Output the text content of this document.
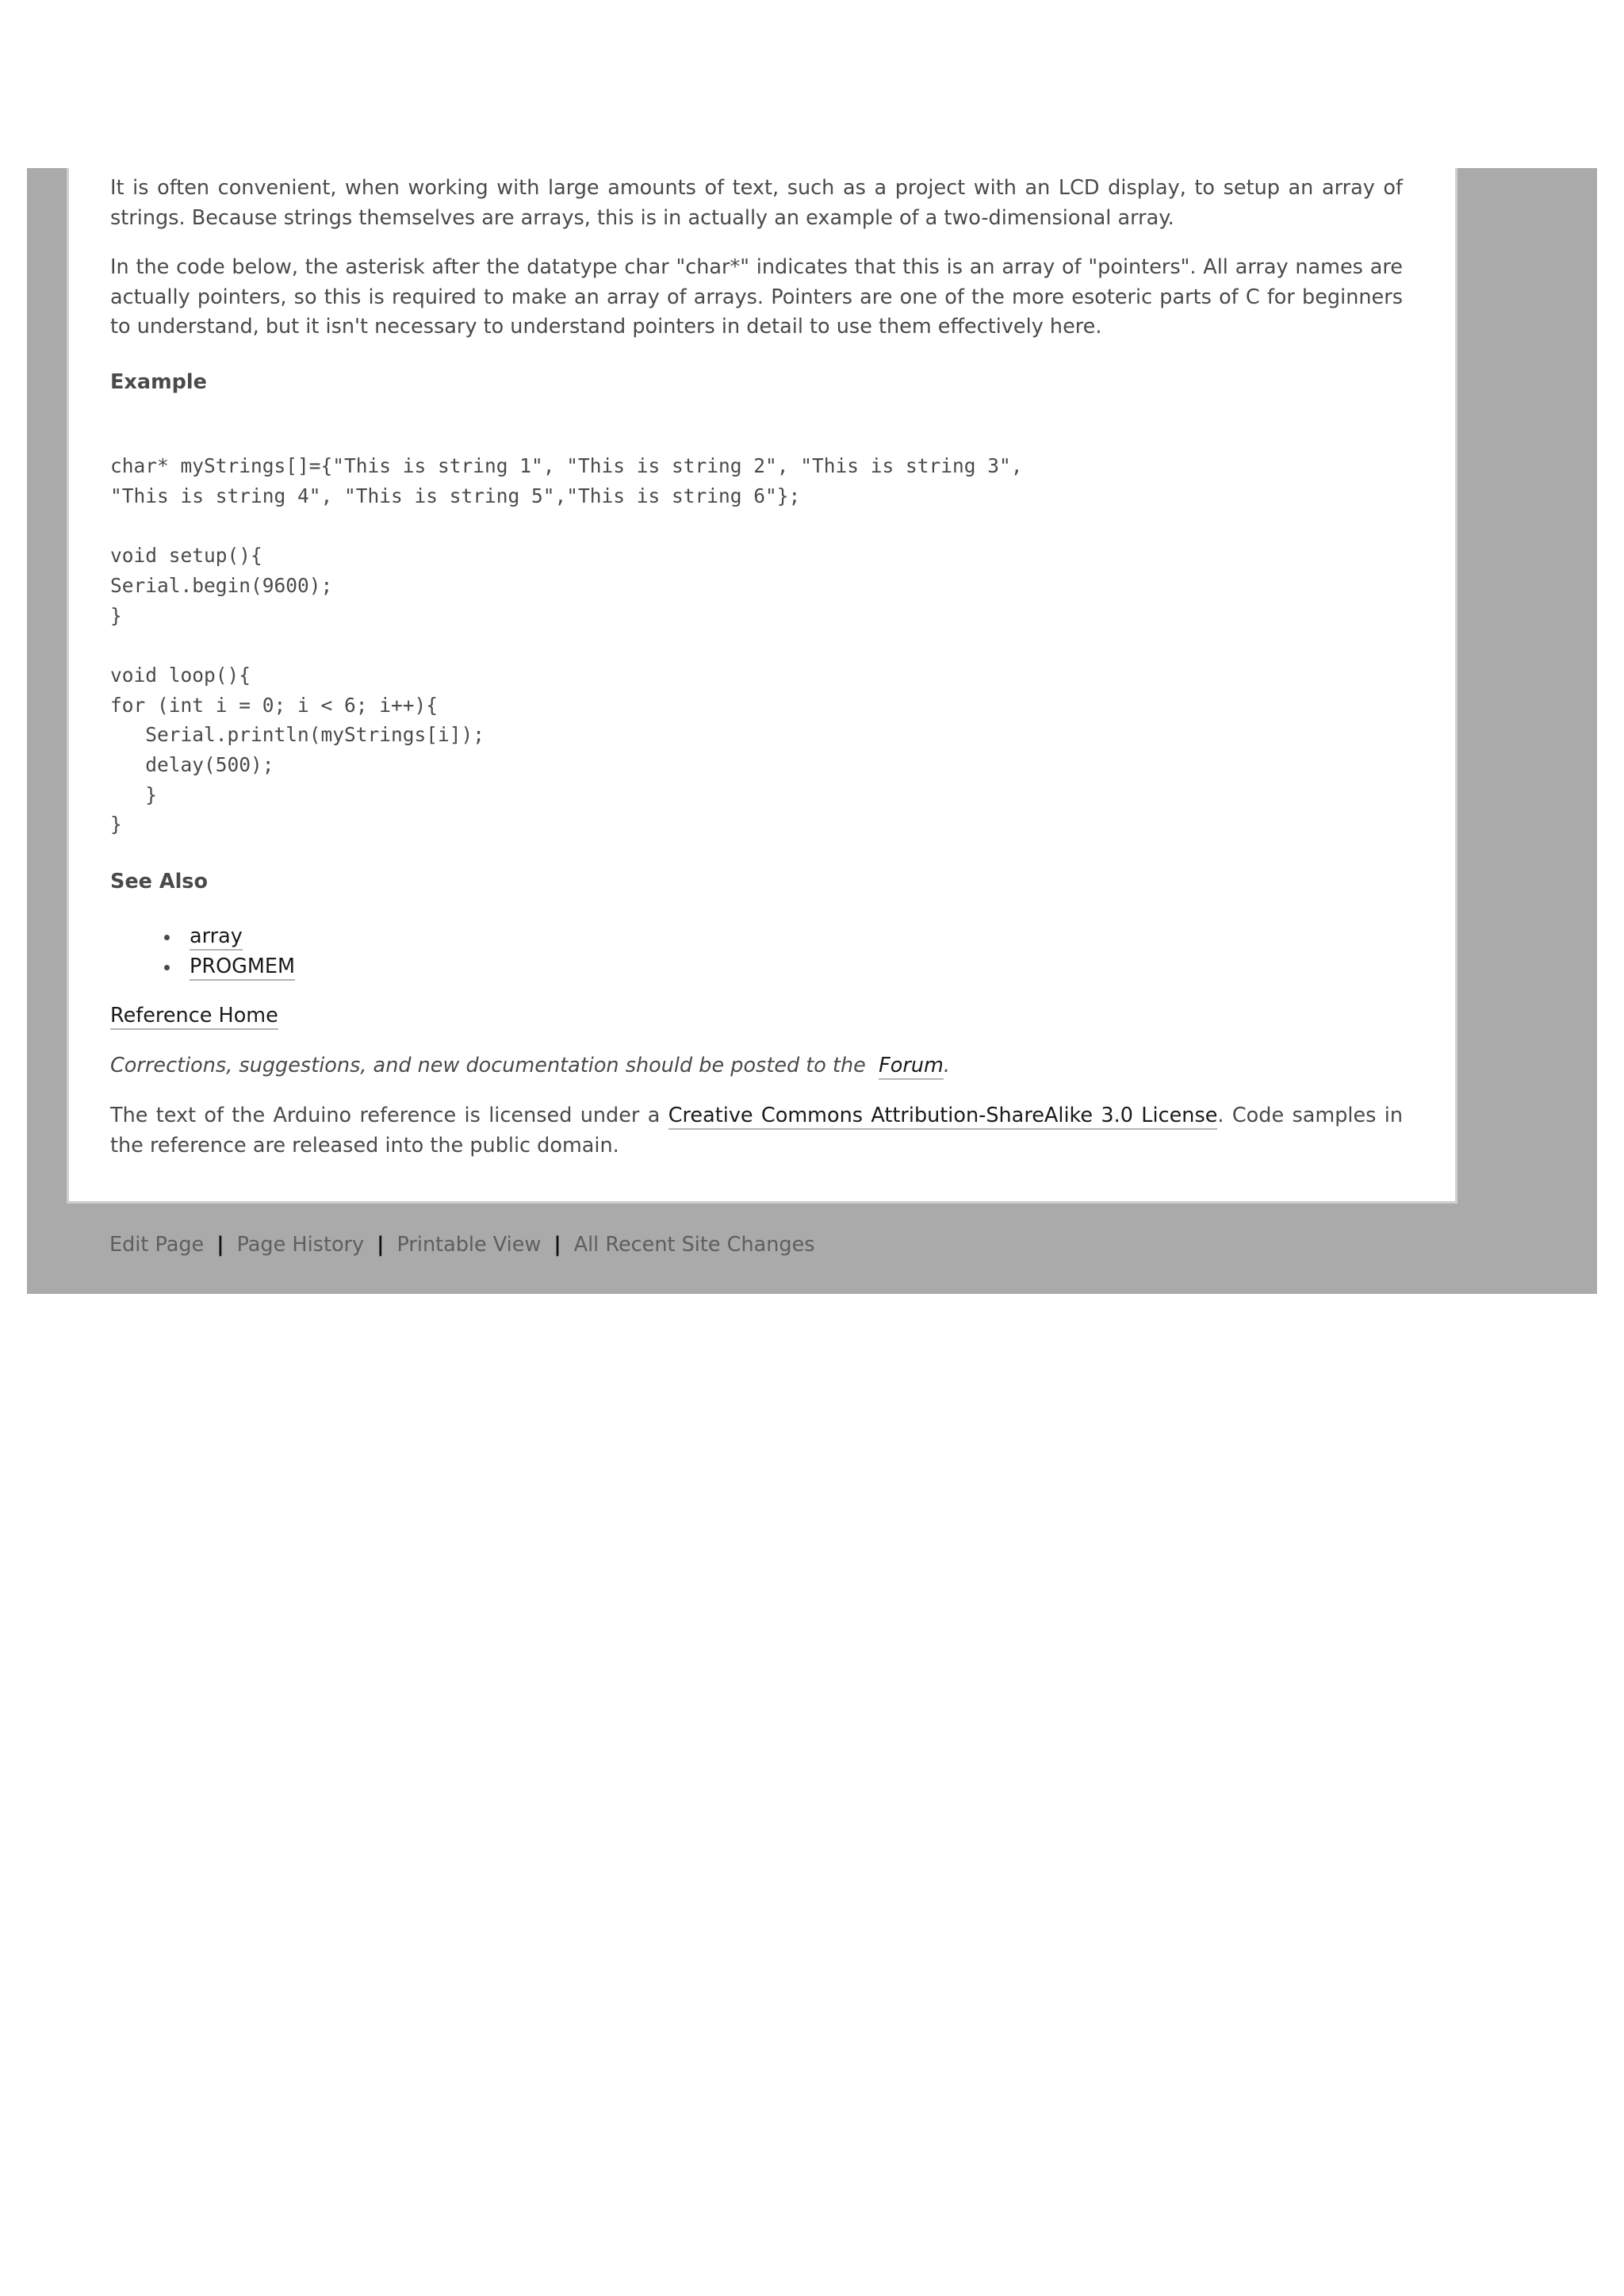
It is often convenient, when working with large amounts of text, such as a project with an LCD display, to setup an array of strings. Because strings themselves are arrays, this is in actually an example of a two-dimensional array.

In the code below, the asterisk after the datatype char "char*" indicates that this is an array of "pointers". All array names are actually pointers, so this is required to make an array of arrays. Pointers are one of the more esoteric parts of C for beginners to understand, but it isn't necessary to understand pointers in detail to use them effectively here.

Example

char* myStrings[]={"This is string 1", "This is string 2", "This is string 3",
"This is string 4", "This is string 5","This is string 6"};

void setup(){
Serial.begin(9600);
}

void loop(){
for (int i = 0; i < 6; i++){
Serial.println(myStrings[i]);
delay(500);
}
}

See Also

array
PROGMEM
Reference Home

Corrections, suggestions, and new documentation should be posted to the Forum.

The text of the Arduino reference is licensed under a Creative Commons Attribution-ShareAlike 3.0 License. Code samples in the reference are released into the public domain.

Edit Page | Page History | Printable View | All Recent Site Changes
